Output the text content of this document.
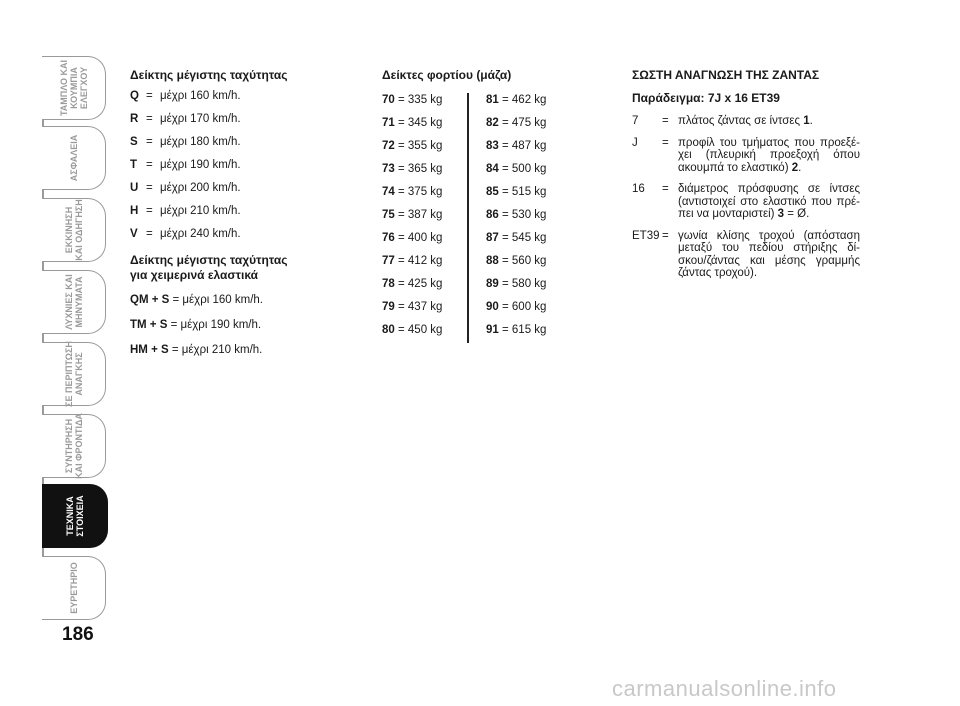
ΤΑΜΠΛΟ ΚΑΙ ΚΟΥΜΠΙΑ ΕΛΕΓΧΟΥ
ΑΣΦΑΛΕΙΑ
ΕΚΚΙΝΗΣΗ ΚΑΙ ΟΔΗΓΗΣΗ
ΛΥΧΝΙΕΣ ΚΑΙ ΜΗΝΥΜΑΤΑ
ΣΕ ΠΕΡΙΠΤΩΣΗ ΑΝΑΓΚΗΣ
ΣΥΝΤΗΡΗΣΗ ΚΑΙ ΦΡΟΝΤΙΔΑ
ΤΕΧΝΙΚΑ ΣΤΟΙΧΕΙΑ
ΕΥΡΕΤΗΡΙΟ
186
Δείκτης μέγιστης ταχύτητας
Q = μέχρι 160 km/h.
R = μέχρι 170 km/h.
S = μέχρι 180 km/h.
T = μέχρι 190 km/h.
U = μέχρι 200 km/h.
H = μέχρι 210 km/h.
V = μέχρι 240 km/h.
Δείκτης μέγιστης ταχύτητας
για χειμερινά ελαστικά
QM + S = μέχρι 160 km/h.
TM + S = μέχρι 190 km/h.
HM + S = μέχρι 210 km/h.
Δείκτες φορτίου (μάζα)
70 = 335 kg
71 = 345 kg
72 = 355 kg
73 = 365 kg
74 = 375 kg
75 = 387 kg
76 = 400 kg
77 = 412 kg
78 = 425 kg
79 = 437 kg
80 = 450 kg
81 = 462 kg
82 = 475 kg
83 = 487 kg
84 = 500 kg
85 = 515 kg
86 = 530 kg
87 = 545 kg
88 = 560 kg
89 = 580 kg
90 = 600 kg
91 = 615 kg
ΣΩΣΤΗ ΑΝΑΓΝΩΣΗ ΤΗΣ ΖΑΝΤΑΣ
Παράδειγμα: 7J x 16 ET39
7	= πλάτος ζάντας σε ίντσες 1.
J	= προφίλ του τμήματος που προεξέ-χει (πλευρική προεξοχή όπου ακουμπά το ελαστικό) 2.
16	= διάμετρος πρόσφυσης σε ίντσες (αντιστοιχεί στο ελαστικό που πρέ-πει να μονταριστεί) 3 = Ø.
ET39 = γωνία κλίσης τροχού (απόσταση μεταξύ του πεδίου στήριξης δί-σκου/ζάντας και μέσης γραμμής ζάντας τροχού).
carmanualsonline.info
